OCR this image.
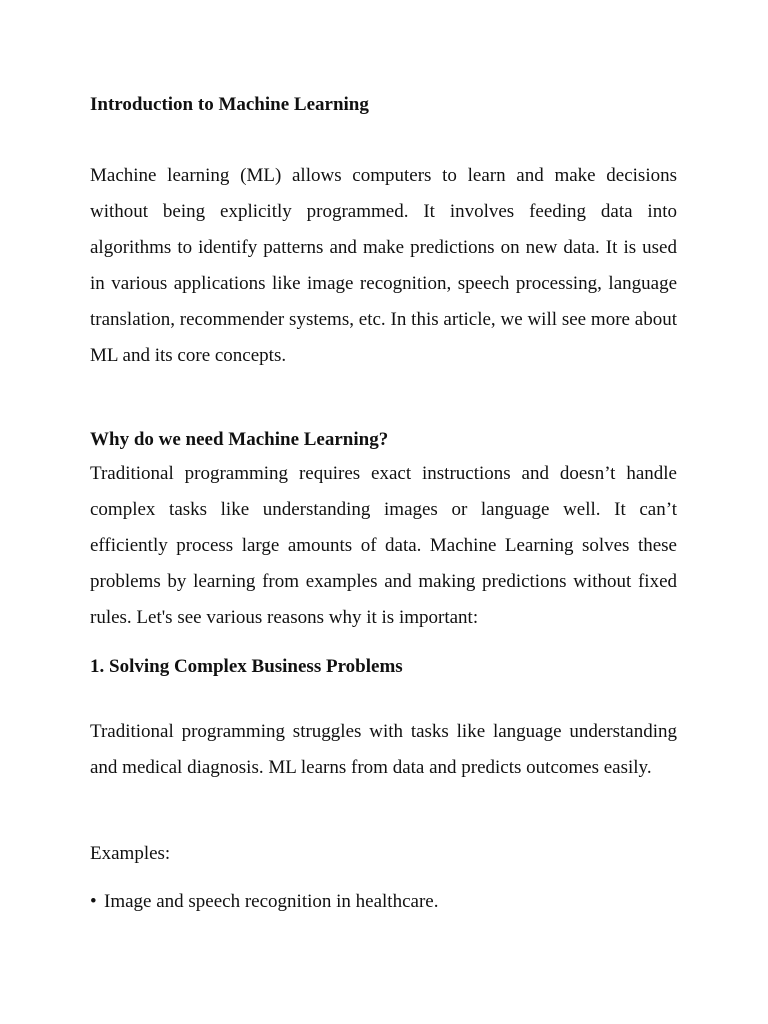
Introduction to Machine Learning
Machine learning (ML) allows computers to learn and make decisions without being explicitly programmed. It involves feeding data into algorithms to identify patterns and make predictions on new data. It is used in various applications like image recognition, speech processing, language translation, recommender systems, etc. In this article, we will see more about ML and its core concepts.
Why do we need Machine Learning?
Traditional programming requires exact instructions and doesn’t handle complex tasks like understanding images or language well. It can’t efficiently process large amounts of data. Machine Learning solves these problems by learning from examples and making predictions without fixed rules. Let's see various reasons why it is important:
1. Solving Complex Business Problems
Traditional programming struggles with tasks like language understanding and medical diagnosis. ML learns from data and predicts outcomes easily.
Examples:
• Image and speech recognition in healthcare.
